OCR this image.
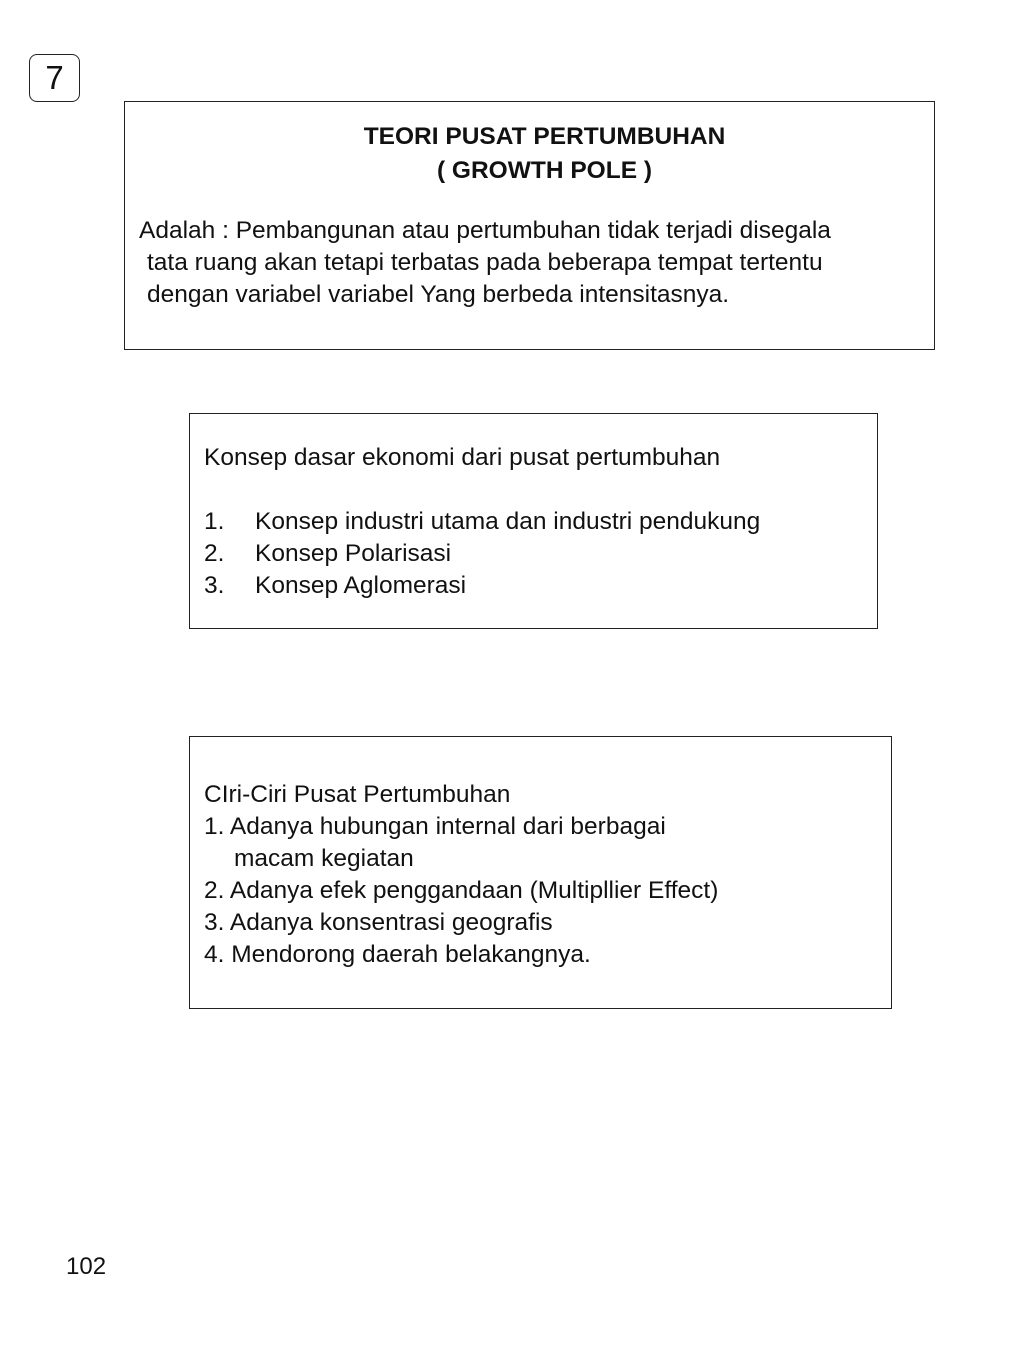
7
TEORI PUSAT PERTUMBUHAN
( GROWTH POLE )
Adalah : Pembangunan atau pertumbuhan tidak terjadi disegala
tata ruang akan tetapi terbatas pada beberapa tempat tertentu
dengan variabel variabel Yang berbeda intensitasnya.
Konsep dasar ekonomi dari pusat pertumbuhan
1.	Konsep industri utama dan industri pendukung
2.	Konsep Polarisasi
3.	Konsep Aglomerasi
CIri-Ciri Pusat Pertumbuhan
1. Adanya hubungan internal dari berbagai
macam kegiatan
2. Adanya efek penggandaan (Multipllier Effect)
3. Adanya konsentrasi geografis
4. Mendorong daerah belakangnya.
102
